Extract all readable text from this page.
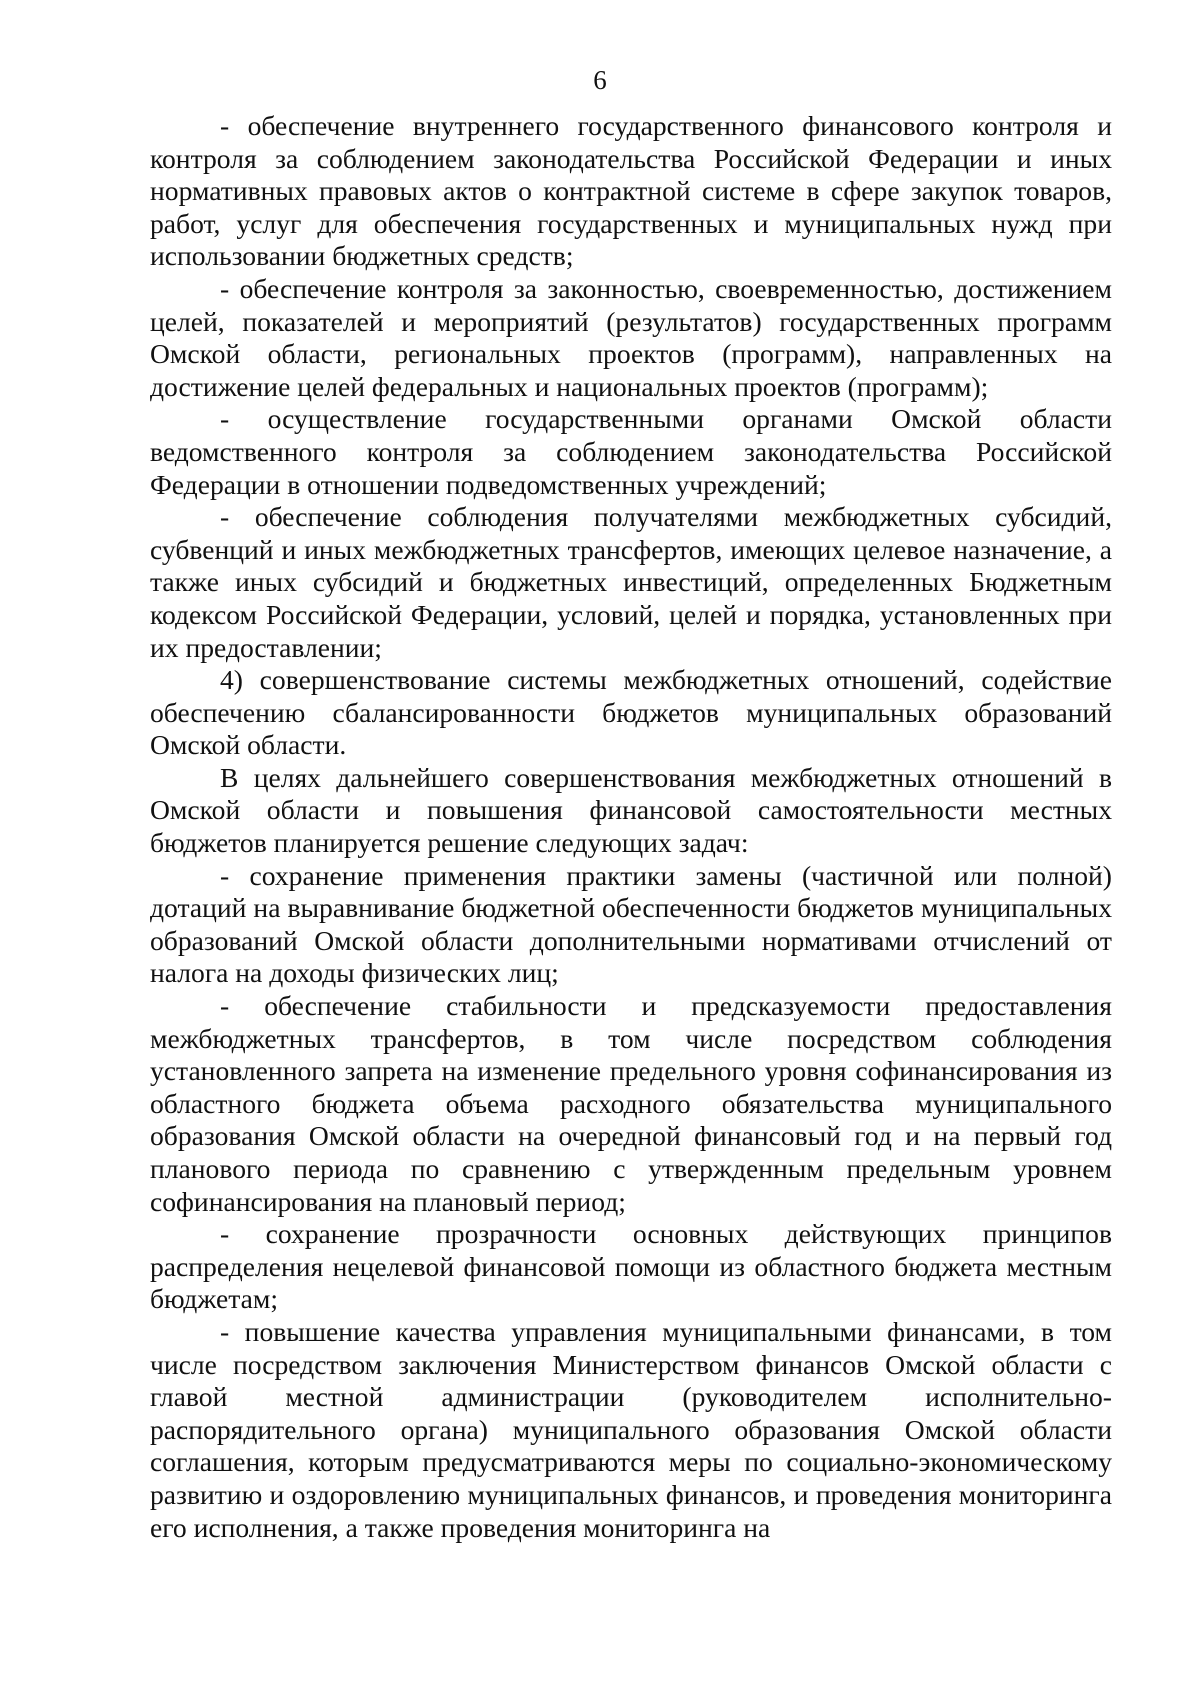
6

- обеспечение внутреннего государственного финансового контроля и контроля за соблюдением законодательства Российской Федерации и иных нормативных правовых актов о контрактной системе в сфере закупок товаров, работ, услуг для обеспечения государственных и муниципальных нужд при использовании бюджетных средств;

- обеспечение контроля за законностью, своевременностью, достижением целей, показателей и мероприятий (результатов) государственных программ Омской области, региональных проектов (программ), направленных на достижение целей федеральных и национальных проектов (программ);

- осуществление государственными органами Омской области ведомственного контроля за соблюдением законодательства Российской Федерации в отношении подведомственных учреждений;

- обеспечение соблюдения получателями межбюджетных субсидий, субвенций и иных межбюджетных трансфертов, имеющих целевое назначение, а также иных субсидий и бюджетных инвестиций, определенных Бюджетным кодексом Российской Федерации, условий, целей и порядка, установленных при их предоставлении;

4) совершенствование системы межбюджетных отношений, содействие обеспечению сбалансированности бюджетов муниципальных образований Омской области.

В целях дальнейшего совершенствования межбюджетных отношений в Омской области и повышения финансовой самостоятельности местных бюджетов планируется решение следующих задач:

- сохранение применения практики замены (частичной или полной) дотаций на выравнивание бюджетной обеспеченности бюджетов муниципальных образований Омской области дополнительными нормативами отчислений от налога на доходы физических лиц;

- обеспечение стабильности и предсказуемости предоставления межбюджетных трансфертов, в том числе посредством соблюдения установленного запрета на изменение предельного уровня софинансирования из областного бюджета объема расходного обязательства муниципального образования Омской области на очередной финансовый год и на первый год планового периода по сравнению с утвержденным предельным уровнем софинансирования на плановый период;

- сохранение прозрачности основных действующих принципов распределения нецелевой финансовой помощи из областного бюджета местным бюджетам;

- повышение качества управления муниципальными финансами, в том числе посредством заключения Министерством финансов Омской области с главой местной администрации (руководителем исполнительно-распорядительного органа) муниципального образования Омской области соглашения, которым предусматриваются меры по социально-экономическому развитию и оздоровлению муниципальных финансов, и проведения мониторинга его исполнения, а также проведения мониторинга на
